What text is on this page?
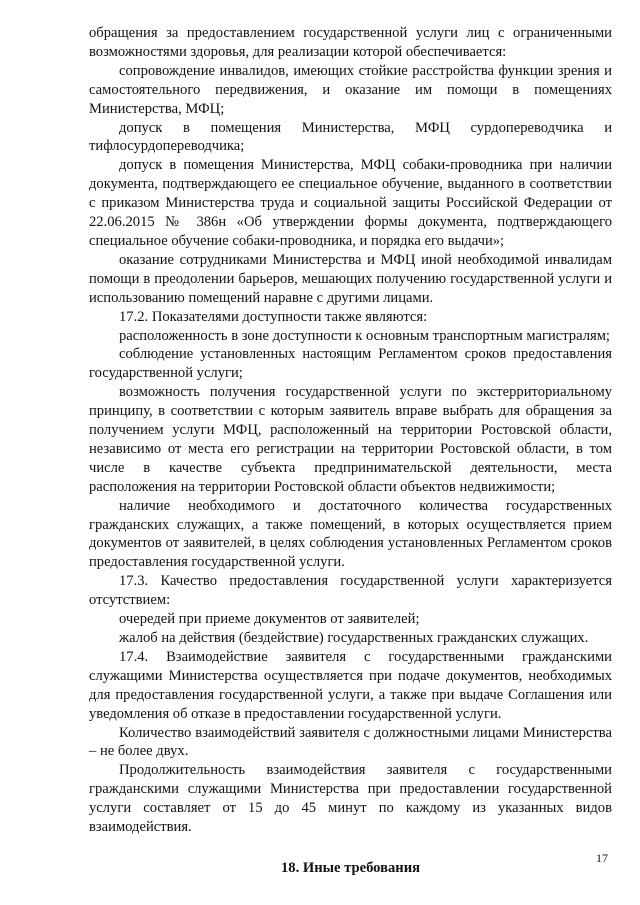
обращения за предоставлением государственной услуги лиц с ограниченными возможностями здоровья, для реализации которой обеспечивается:

сопровождение инвалидов, имеющих стойкие расстройства функции зрения и самостоятельного передвижения, и оказание им помощи в помещениях Министерства, МФЦ;

допуск в помещения Министерства, МФЦ сурдопереводчика и тифлосурдопереводчика;

допуск в помещения Министерства, МФЦ собаки-проводника при наличии документа, подтверждающего ее специальное обучение, выданного в соответствии с приказом Министерства труда и социальной защиты Российской Федерации от 22.06.2015 № 386н «Об утверждении формы документа, подтверждающего специальное обучение собаки-проводника, и порядка его выдачи»;

оказание сотрудниками Министерства и МФЦ иной необходимой инвалидам помощи в преодолении барьеров, мешающих получению государственной услуги и использованию помещений наравне с другими лицами.

17.2. Показателями доступности также являются:

расположенность в зоне доступности к основным транспортным магистралям;

соблюдение установленных настоящим Регламентом сроков предоставления государственной услуги;

возможность получения государственной услуги по экстерриториальному принципу, в соответствии с которым заявитель вправе выбрать для обращения за получением услуги МФЦ, расположенный на территории Ростовской области, независимо от места его регистрации на территории Ростовской области, в том числе в качестве субъекта предпринимательской деятельности, места расположения на территории Ростовской области объектов недвижимости;

наличие необходимого и достаточного количества государственных гражданских служащих, а также помещений, в которых осуществляется прием документов от заявителей, в целях соблюдения установленных Регламентом сроков предоставления государственной услуги.

17.3. Качество предоставления государственной услуги характеризуется отсутствием:

очередей при приеме документов от заявителей;

жалоб на действия (бездействие) государственных гражданских служащих.

17.4. Взаимодействие заявителя с государственными гражданскими служащими Министерства осуществляется при подаче документов, необходимых для предоставления государственной услуги, а также при выдаче Соглашения или уведомления об отказе в предоставлении государственной услуги.

Количество взаимодействий заявителя с должностными лицами Министерства – не более двух.

Продолжительность взаимодействия заявителя с государственными гражданскими служащими Министерства при предоставлении государственной услуги составляет от 15 до 45 минут по каждому из указанных видов взаимодействия.

18. Иные требования
17
